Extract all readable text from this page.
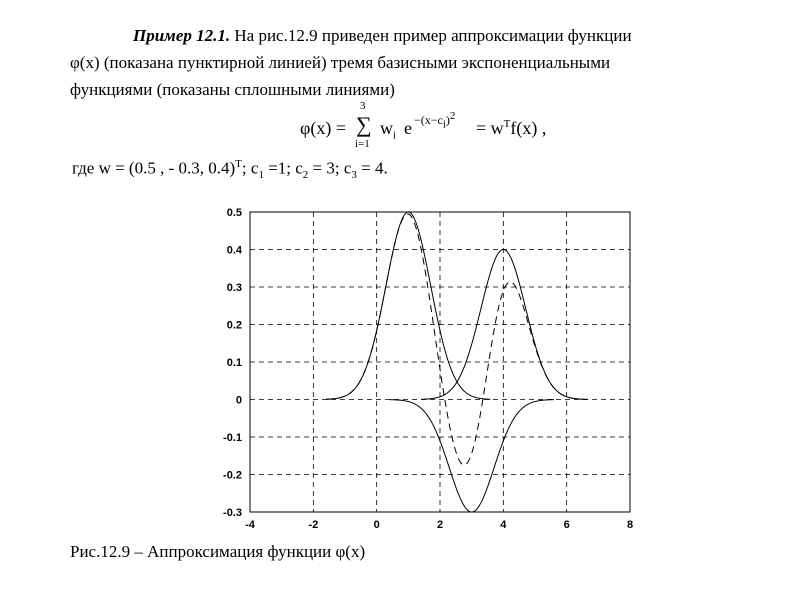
Пример 12.1. На рис.12.9 приведен пример аппроксимации функции
φ(x) (показана пунктирной линией) тремя базисными экспоненциальными
функциями (показаны сплошными линиями)
φ(x) =
3
∑
i=1
$w_i$ $e -(x-c_i)^2$
= $w^Tf(x)$ ,
где w = (0.5 , - 0.3, 0.4)$^T$; $c_1 =1$; $c_2 = 3$; $c_3 = 4$.
-4	-2	0	2	4	6	8
0.5
0.4
0.3
0.2
0.1
0
-0.1
-0.2
-0.3
Рис.12.9 – Аппроксимация функции φ(x)
